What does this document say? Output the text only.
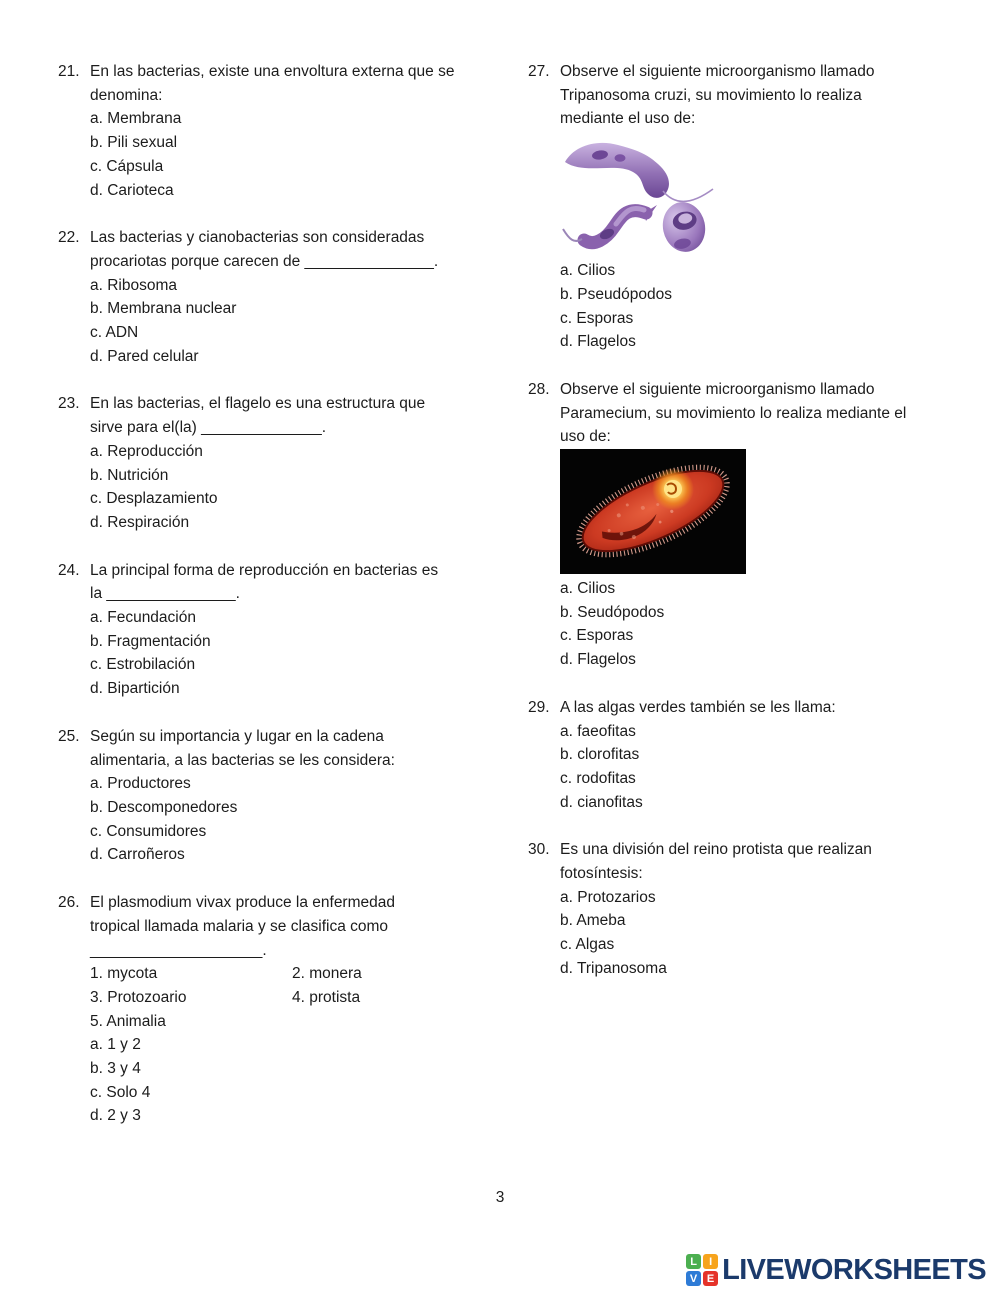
21. En las bacterias, existe una envoltura externa que se
denomina:
a. Membrana
b. Pili sexual
c. Cápsula
d. Carioteca
22. Las bacterias y cianobacterias son consideradas
procariotas porque carecen de _______________.
a. Ribosoma
b. Membrana nuclear
c. ADN
d. Pared celular
23. En las bacterias, el flagelo es una estructura que
sirve para el(la) ______________.
a. Reproducción
b. Nutrición
c. Desplazamiento
d. Respiración
24. La principal forma de reproducción en bacterias es
la _______________.
a. Fecundación
b. Fragmentación
c. Estrobilación
d. Bipartición
25. Según su importancia y lugar en la cadena
alimentaria, a las bacterias se les considera:
a. Productores
b. Descomponedores
c. Consumidores
d. Carroñeros
26. El plasmodium vivax produce la enfermedad
tropical llamada malaria y se clasifica como
____________________.
1. mycota	2. monera
3. Protozoario	4. protista
5. Animalia
a. 1 y 2
b. 3 y 4
c. Solo 4
d. 2 y 3
27. Observe el siguiente microorganismo llamado
Tripanosoma cruzi, su movimiento lo realiza
mediante el uso de:
a. Cilios
b. Pseudópodos
c. Esporas
d. Flagelos
28. Observe el siguiente microorganismo llamado
Paramecium, su movimiento lo realiza mediante el
uso de:
a. Cilios
b. Seudópodos
c. Esporas
d. Flagelos
29. A las algas verdes también se les llama:
a. faeofitas
b. clorofitas
c. rodofitas
d. cianofitas
30. Es una división del reino protista que realizan
fotosíntesis:
a. Protozarios
b. Ameba
c. Algas
d. Tripanosoma
3
L	I
V E LIVEWORKSHEETS
